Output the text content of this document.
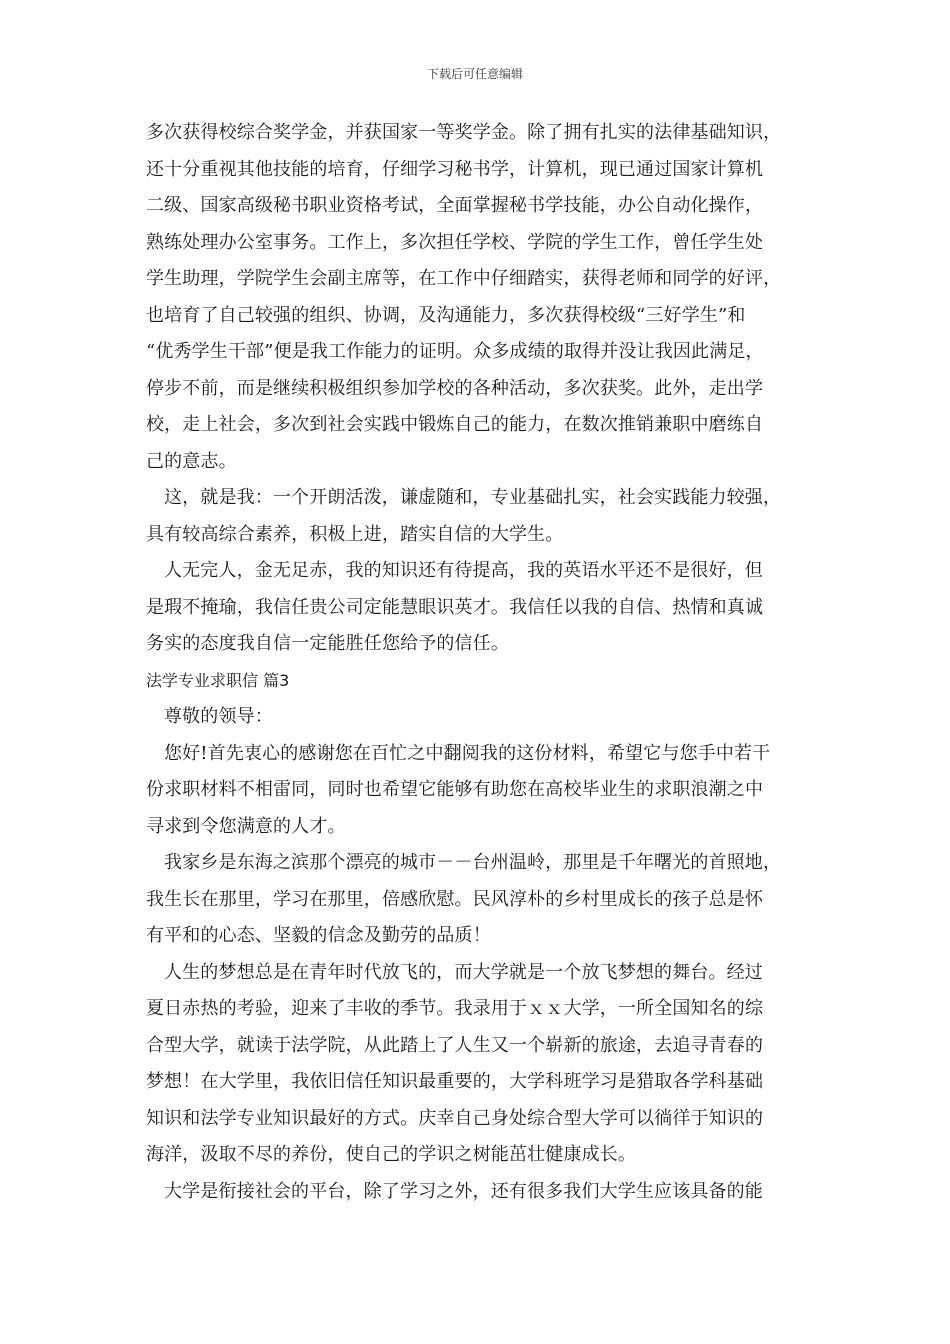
下载后可任意编辑
多次获得校综合奖学金，并获国家一等奖学金。除了拥有扎实的法律基础知识，
还十分重视其他技能的培育，仔细学习秘书学，计算机，现已通过国家计算机
二级、国家高级秘书职业资格考试，全面掌握秘书学技能，办公自动化操作，
熟练处理办公室事务。工作上，多次担任学校、学院的学生工作，曾任学生处
学生助理，学院学生会副主席等，在工作中仔细踏实，获得老师和同学的好评，
也培育了自己较强的组织、协调，及沟通能力，多次获得校级“三好学生”和
“优秀学生干部”便是我工作能力的证明。众多成绩的取得并没让我因此满足，
停步不前，而是继续积极组织参加学校的各种活动，多次获奖。此外，走出学
校，走上社会，多次到社会实践中锻炼自己的能力，在数次推销兼职中磨练自
己的意志。
这，就是我：一个开朗活泼，谦虚随和，专业基础扎实，社会实践能力较强，
具有较高综合素养，积极上进，踏实自信的大学生。
人无完人，金无足赤，我的知识还有待提高，我的英语水平还不是很好，但
是瑕不掩瑜，我信任贵公司定能慧眼识英才。我信任以我的自信、热情和真诚
务实的态度我自信一定能胜任您给予的信任。
法学专业求职信 篇3
尊敬的领导：
您好!首先衷心的感谢您在百忙之中翻阅我的这份材料，希望它与您手中若干
份求职材料不相雷同，同时也希望它能够有助您在高校毕业生的求职浪潮之中
寻求到令您满意的人才。
我家乡是东海之滨那个漂亮的城市－－台州温岭，那里是千年曙光的首照地，
我生长在那里，学习在那里，倍感欣慰。民风淳朴的乡村里成长的孩子总是怀
有平和的心态、坚毅的信念及勤劳的品质！
人生的梦想总是在青年时代放飞的，而大学就是一个放飞梦想的舞台。经过
夏日赤热的考验，迎来了丰收的季节。我录用于ｘｘ大学，一所全国知名的综
合型大学，就读于法学院，从此踏上了人生又一个崭新的旅途，去追寻青春的
梦想！在大学里，我依旧信任知识最重要的，大学科班学习是猎取各学科基础
知识和法学专业知识最好的方式。庆幸自己身处综合型大学可以徜徉于知识的
海洋，汲取不尽的养份，使自己的学识之树能茁壮健康成长。
大学是衔接社会的平台，除了学习之外，还有很多我们大学生应该具备的能
